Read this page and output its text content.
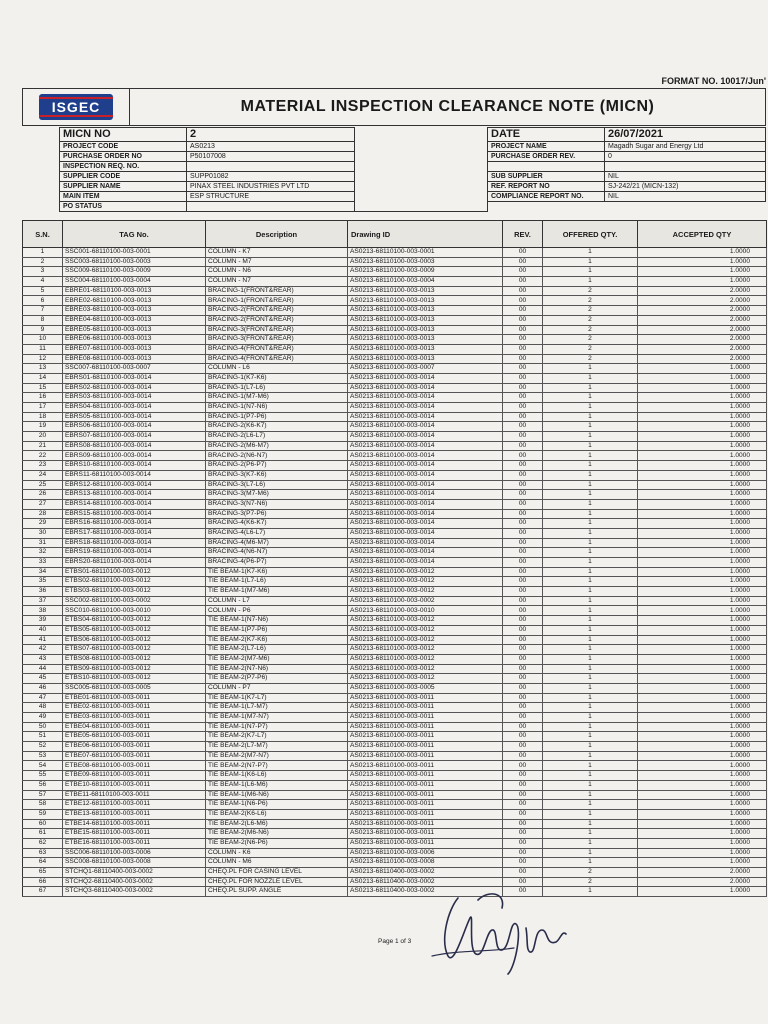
FORMAT NO. 10017/Jun'
ISGEC	MATERIAL INSPECTION CLEARANCE NOTE (MICN)
MICN NO	2		DATE	26/07/2021
PROJECT CODE	AS0213		PROJECT NAME	Magadh Sugar and Energy Ltd
PURCHASE ORDER NO	P50107008		PURCHASE ORDER REV.	0
INSPECTION REQ. NO.				
SUPPLIER CODE	SUPP01082		SUB SUPPLIER	NIL
SUPPLIER NAME	PINAX STEEL INDUSTRIES PVT LTD		REF. REPORT NO	SJ-242/21 (MICN-132)
MAIN ITEM	ESP STRUCTURE		COMPLIANCE REPORT NO.	NIL
PO STATUS				
S.N.	TAG No.	Description	Drawing ID	REV.	OFFERED QTY.	ACCEPTED QTY
1	SSC001-68110100-003-0001	COLUMN - K7	AS0213-68110100-003-0001	00	1	1.0000
2	SSC003-68110100-003-0003	COLUMN - M7	AS0213-68110100-003-0003	00	1	1.0000
3	SSC009-68110100-003-0009	COLUMN - N6	AS0213-68110100-003-0009	00	1	1.0000
4	SSC004-68110100-003-0004	COLUMN - N7	AS0213-68110100-003-0004	00	1	1.0000
5	EBRE01-68110100-003-0013	BRACING-1(FRONT&REAR)	AS0213-68110100-003-0013	00	2	2.0000
6	EBRE02-68110100-003-0013	BRACING-1(FRONT&REAR)	AS0213-68110100-003-0013	00	2	2.0000
7	EBRE03-68110100-003-0013	BRACING-2(FRONT&REAR)	AS0213-68110100-003-0013	00	2	2.0000
8	EBRE04-68110100-003-0013	BRACING-2(FRONT&REAR)	AS0213-68110100-003-0013	00	2	2.0000
9	EBRE05-68110100-003-0013	BRACING-3(FRONT&REAR)	AS0213-68110100-003-0013	00	2	2.0000
10	EBRE06-68110100-003-0013	BRACING-3(FRONT&REAR)	AS0213-68110100-003-0013	00	2	2.0000
11	EBRE07-68110100-003-0013	BRACING-4(FRONT&REAR)	AS0213-68110100-003-0013	00	2	2.0000
12	EBRE08-68110100-003-0013	BRACING-4(FRONT&REAR)	AS0213-68110100-003-0013	00	2	2.0000
13	SSC007-68110100-003-0007	COLUMN - L6	AS0213-68110100-003-0007	00	1	1.0000
14	EBRS01-68110100-003-0014	BRACING-1(K7-K6)	AS0213-68110100-003-0014	00	1	1.0000
15	EBRS02-68110100-003-0014	BRACING-1(L7-L6)	AS0213-68110100-003-0014	00	1	1.0000
16	EBRS03-68110100-003-0014	BRACING-1(M7-M6)	AS0213-68110100-003-0014	00	1	1.0000
17	EBRS04-68110100-003-0014	BRACING-1(N7-N6)	AS0213-68110100-003-0014	00	1	1.0000
18	EBRS05-68110100-003-0014	BRACING-1(P7-P6)	AS0213-68110100-003-0014	00	1	1.0000
19	EBRS06-68110100-003-0014	BRACING-2(K6-K7)	AS0213-68110100-003-0014	00	1	1.0000
20	EBRS07-68110100-003-0014	BRACING-2(L6-L7)	AS0213-68110100-003-0014	00	1	1.0000
21	EBRS08-68110100-003-0014	BRACING-2(M6-M7)	AS0213-68110100-003-0014	00	1	1.0000
22	EBRS09-68110100-003-0014	BRACING-2(N6-N7)	AS0213-68110100-003-0014	00	1	1.0000
23	EBRS10-68110100-003-0014	BRACING-2(P6-P7)	AS0213-68110100-003-0014	00	1	1.0000
24	EBRS11-68110100-003-0014	BRACING-3(K7-K6)	AS0213-68110100-003-0014	00	1	1.0000
25	EBRS12-68110100-003-0014	BRACING-3(L7-L6)	AS0213-68110100-003-0014	00	1	1.0000
26	EBRS13-68110100-003-0014	BRACING-3(M7-M6)	AS0213-68110100-003-0014	00	1	1.0000
27	EBRS14-68110100-003-0014	BRACING-3(N7-N6)	AS0213-68110100-003-0014	00	1	1.0000
28	EBRS15-68110100-003-0014	BRACING-3(P7-P6)	AS0213-68110100-003-0014	00	1	1.0000
29	EBRS16-68110100-003-0014	BRACING-4(K6-K7)	AS0213-68110100-003-0014	00	1	1.0000
30	EBRS17-68110100-003-0014	BRACING-4(L6-L7)	AS0213-68110100-003-0014	00	1	1.0000
31	EBRS18-68110100-003-0014	BRACING-4(M6-M7)	AS0213-68110100-003-0014	00	1	1.0000
32	EBRS19-68110100-003-0014	BRACING-4(N6-N7)	AS0213-68110100-003-0014	00	1	1.0000
33	EBRS20-68110100-003-0014	BRACING-4(P6-P7)	AS0213-68110100-003-0014	00	1	1.0000
34	ETBS01-68110100-003-0012	TIE BEAM-1(K7-K6)	AS0213-68110100-003-0012	00	1	1.0000
35	ETBS02-68110100-003-0012	TIE BEAM-1(L7-L6)	AS0213-68110100-003-0012	00	1	1.0000
36	ETBS03-68110100-003-0012	TIE BEAM-1(M7-M6)	AS0213-68110100-003-0012	00	1	1.0000
37	SSC002-68110100-003-0002	COLUMN - L7	AS0213-68110100-003-0002	00	1	1.0000
38	SSC010-68110100-003-0010	COLUMN - P6	AS0213-68110100-003-0010	00	1	1.0000
39	ETBS04-68110100-003-0012	TIE BEAM-1(N7-N6)	AS0213-68110100-003-0012	00	1	1.0000
40	ETBS05-68110100-003-0012	TIE BEAM-1(P7-P6)	AS0213-68110100-003-0012	00	1	1.0000
41	ETBS06-68110100-003-0012	TIE BEAM-2(K7-K6)	AS0213-68110100-003-0012	00	1	1.0000
42	ETBS07-68110100-003-0012	TIE BEAM-2(L7-L6)	AS0213-68110100-003-0012	00	1	1.0000
43	ETBS08-68110100-003-0012	TIE BEAM-2(M7-M6)	AS0213-68110100-003-0012	00	1	1.0000
44	ETBS09-68110100-003-0012	TIE BEAM-2(N7-N6)	AS0213-68110100-003-0012	00	1	1.0000
45	ETBS10-68110100-003-0012	TIE BEAM-2(P7-P6)	AS0213-68110100-003-0012	00	1	1.0000
46	SSC005-68110100-003-0005	COLUMN - P7	AS0213-68110100-003-0005	00	1	1.0000
47	ETBE01-68110100-003-0011	TIE BEAM-1(K7-L7)	AS0213-68110100-003-0011	00	1	1.0000
48	ETBE02-68110100-003-0011	TIE BEAM-1(L7-M7)	AS0213-68110100-003-0011	00	1	1.0000
49	ETBE03-68110100-003-0011	TIE BEAM-1(M7-N7)	AS0213-68110100-003-0011	00	1	1.0000
50	ETBE04-68110100-003-0011	TIE BEAM-1(N7-P7)	AS0213-68110100-003-0011	00	1	1.0000
51	ETBE05-68110100-003-0011	TIE BEAM-2(K7-L7)	AS0213-68110100-003-0011	00	1	1.0000
52	ETBE06-68110100-003-0011	TIE BEAM-2(L7-M7)	AS0213-68110100-003-0011	00	1	1.0000
53	ETBE07-68110100-003-0011	TIE BEAM-2(M7-N7)	AS0213-68110100-003-0011	00	1	1.0000
54	ETBE08-68110100-003-0011	TIE BEAM-2(N7-P7)	AS0213-68110100-003-0011	00	1	1.0000
55	ETBE09-68110100-003-0011	TIE BEAM-1(K6-L6)	AS0213-68110100-003-0011	00	1	1.0000
56	ETBE10-68110100-003-0011	TIE BEAM-1(L6-M6)	AS0213-68110100-003-0011	00	1	1.0000
57	ETBE11-68110100-003-0011	TIE BEAM-1(M6-N6)	AS0213-68110100-003-0011	00	1	1.0000
58	ETBE12-68110100-003-0011	TIE BEAM-1(N6-P6)	AS0213-68110100-003-0011	00	1	1.0000
59	ETBE13-68110100-003-0011	TIE BEAM-2(K6-L6)	AS0213-68110100-003-0011	00	1	1.0000
60	ETBE14-68110100-003-0011	TIE BEAM-2(L6-M6)	AS0213-68110100-003-0011	00	1	1.0000
61	ETBE15-68110100-003-0011	TIE BEAM-2(M6-N6)	AS0213-68110100-003-0011	00	1	1.0000
62	ETBE16-68110100-003-0011	TIE BEAM-2(N6-P6)	AS0213-68110100-003-0011	00	1	1.0000
63	SSC006-68110100-003-0006	COLUMN - K6	AS0213-68110100-003-0006	00	1	1.0000
64	SSC008-68110100-003-0008	COLUMN - M6	AS0213-68110100-003-0008	00	1	1.0000
65	STCHQ1-68110400-003-0002	CHEQ.PL FOR CASING LEVEL	AS0213-68110400-003-0002	00	2	2.0000
66	STCHQ2-68110400-003-0002	CHEQ.PL FOR NOZZLE LEVEL	AS0213-68110400-003-0002	00	2	2.0000
67	STCHQ3-68110400-003-0002	CHEQ.PL SUPP. ANGLE	AS0213-68110400-003-0002	00	1	1.0000
Page 1 of 3
